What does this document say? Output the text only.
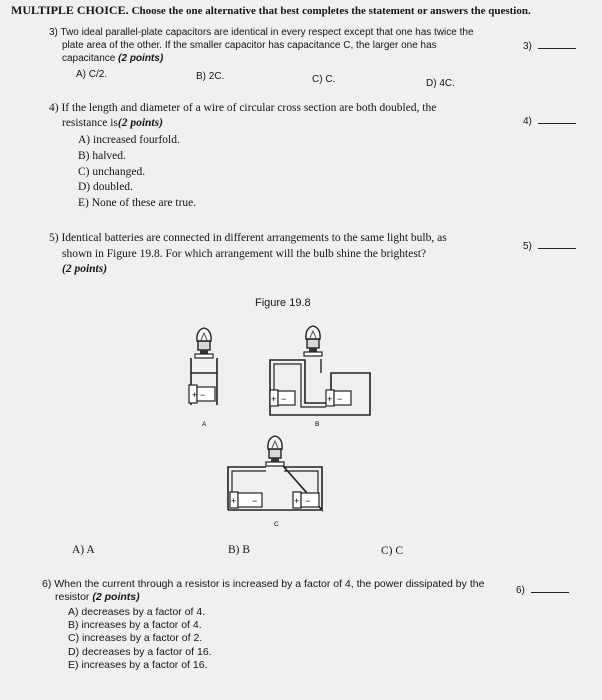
MULTIPLE CHOICE. Choose the one alternative that best completes the statement or answers the question.
3) Two ideal parallel-plate capacitors are identical in every respect except that one has twice the
plate area of the other. If the smaller capacitor has capacitance C, the larger one has
capacitance (2 points)
3)
A) C/2.	B) 2C.	C) C.	D) 4C.
4) If the length and diameter of a wire of circular cross section are both doubled, the
resistance is(2 points)	4)
A) increased fourfold.
B) halved.
C) unchanged.
D) doubled.
E) None of these are true.
5) Identical batteries are connected in different arrangements to the same light bulb, as
shown in Figure 19.8. For which arrangement will the bulb shine the brightest?
(2 points)
5)
Figure 19.8
+ −
A
+ −	+ −
B
+ −	+ −
C
A) A	B) B	C) C
6) When the current through a resistor is increased by a factor of 4, the power dissipated by the
resistor (2 points)
6)
A) decreases by a factor of 4.
B) increases by a factor of 4.
C) increases by a factor of 2.
D) decreases by a factor of 16.
E) increases by a factor of 16.
